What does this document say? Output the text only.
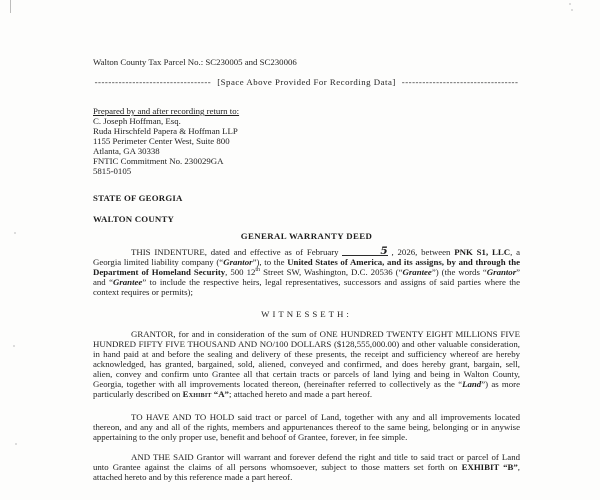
Walton County Tax Parcel No.: SC230005 and SC230006
---------------------------------- [Space Above Provided For Recording Data] ----------------------------------
Prepared by and after recording return to:
C. Joseph Hoffman, Esq.
Ruda Hirschfeld Papera & Hoffman LLP
1155 Perimeter Center West, Suite 800
Atlanta, GA 30338
FNTIC Commitment No. 230029GA
5815-0105
STATE OF GEORGIA
WALTON COUNTY
GENERAL WARRANTY DEED
THIS INDENTURE, dated and effective as of February	5 , 2026, between PNK S1, LLC, a Georgia limited liability company (“Grantor”), to the United States of America, and its assigns, by and through the Department of Homeland Security, 500 12th Street SW, Washington, D.C. 20536 (“Grantee”) (the words “Grantor” and “Grantee” to include the respective heirs, legal representatives, successors and assigns of said parties where the context requires or permits);
WITNESSETH:
GRANTOR, for and in consideration of the sum of ONE HUNDRED TWENTY EIGHT MILLIONS FIVE HUNDRED FIFTY FIVE THOUSAND AND NO/100 DOLLARS ($128,555,000.00) and other valuable consideration, in hand paid at and before the sealing and delivery of these presents, the receipt and sufficiency whereof are hereby acknowledged, has granted, bargained, sold, aliened, conveyed and confirmed, and does hereby grant, bargain, sell, alien, convey and confirm unto Grantee all that certain tracts or parcels of land lying and being in Walton County, Georgia, together with all improvements located thereon, (hereinafter referred to collectively as the “Land”) as more particularly described on Exhibit “A”; attached hereto and made a part hereof.
TO HAVE AND TO HOLD said tract or parcel of Land, together with any and all improvements located thereon, and any and all of the rights, members and appurtenances thereof to the same being, belonging or in anywise appertaining to the only proper use, benefit and behoof of Grantee, forever, in fee simple.
AND THE SAID Grantor will warrant and forever defend the right and title to said tract or parcel of Land unto Grantee against the claims of all persons whomsoever, subject to those matters set forth on EXHIBIT “B”, attached hereto and by this reference made a part hereof.
